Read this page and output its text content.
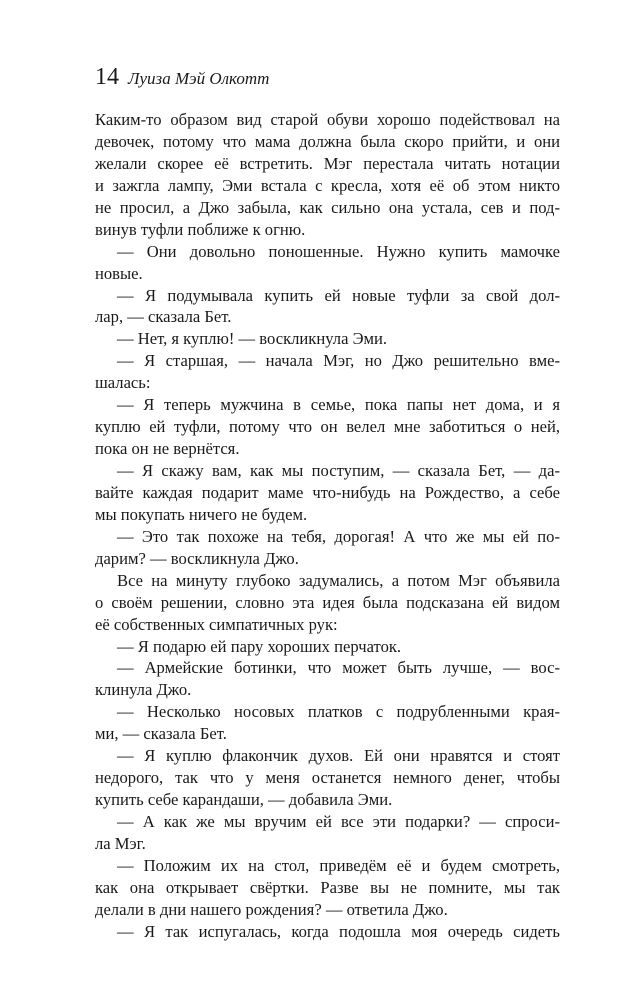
14 Луиза Мэй Олкотт
Каким-то образом вид старой обуви хорошо подействовал на
девочек, потому что мама должна была скоро прийти, и они
желали скорее её встретить. Мэг перестала читать нотации
и зажгла лампу, Эми встала с кресла, хотя её об этом никто
не просил, а Джо забыла, как сильно она устала, сев и под-
винув туфли поближе к огню.
— Они довольно поношенные. Нужно купить мамочке
новые.
— Я подумывала купить ей новые туфли за свой дол-
лар, — сказала Бет.
— Нет, я куплю! — воскликнула Эми.
— Я старшая, — начала Мэг, но Джо решительно вме-
шалась:
— Я теперь мужчина в семье, пока папы нет дома, и я
куплю ей туфли, потому что он велел мне заботиться о ней,
пока он не вернётся.
— Я скажу вам, как мы поступим, — сказала Бет, — да-
вайте каждая подарит маме что-нибудь на Рождество, а себе
мы покупать ничего не будем.
— Это так похоже на тебя, дорогая! А что же мы ей по-
дарим? — воскликнула Джо.
Все на минуту глубоко задумались, а потом Мэг объявила
о своём решении, словно эта идея была подсказана ей видом
её собственных симпатичных рук:
— Я подарю ей пару хороших перчаток.
— Армейские ботинки, что может быть лучше, — вос-
клинула Джо.
— Несколько носовых платков с подрубленными края-
ми, — сказала Бет.
— Я куплю флакончик духов. Ей они нравятся и стоят
недорого, так что у меня останется немного денег, чтобы
купить себе карандаши, — добавила Эми.
— А как же мы вручим ей все эти подарки? — спроси-
ла Мэг.
— Положим их на стол, приведём её и будем смотреть,
как она открывает свёртки. Разве вы не помните, мы так
делали в дни нашего рождения? — ответила Джо.
— Я так испугалась, когда подошла моя очередь сидеть
